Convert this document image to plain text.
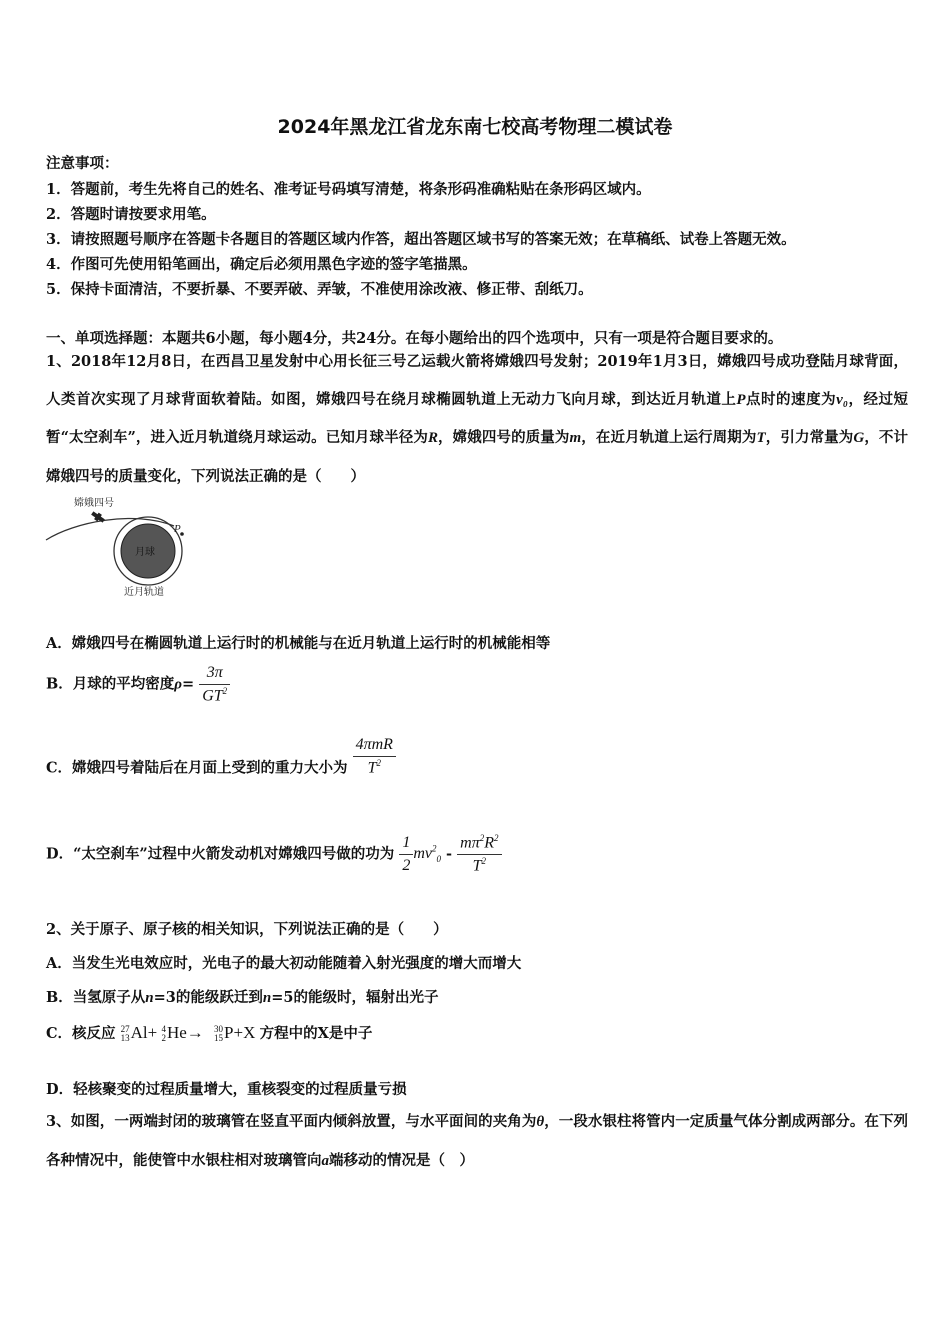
2024年黑龙江省龙东南七校高考物理二模试卷
注意事项：
1．答题前，考生先将自己的姓名、准考证号码填写清楚，将条形码准确粘贴在条形码区域内。
2．答题时请按要求用笔。
3．请按照题号顺序在答题卡各题目的答题区域内作答，超出答题区域书写的答案无效；在草稿纸、试卷上答题无效。
4．作图可先使用铅笔画出，确定后必须用黑色字迹的签字笔描黑。
5．保持卡面清洁，不要折暴、不要弄破、弄皱，不准使用涂改液、修正带、刮纸刀。
一、单项选择题：本题共6小题，每小题4分，共24分。在每小题给出的四个选项中，只有一项是符合题目要求的。
1、2018年12月8日，在西昌卫星发射中心用长征三号乙运载火箭将嫦娥四号发射；2019年1月3日，嫦娥四号成功登陆月球背面，人类首次实现了月球背面软着陆。如图，嫦娥四号在绕月球椭圆轨道上无动力飞向月球，到达近月轨道上P点时的速度为v₀，经过短暂“太空刹车”，进入近月轨道绕月球运动。已知月球半径为R，嫦娥四号的质量为m，在近月轨道上运行周期为T，引力常量为G，不计嫦娥四号的质量变化，下列说法正确的是（　　）
嫦娥四号
月球
P
近月轨道
A．嫦娥四号在椭圆轨道上运行时的机械能与在近月轨道上运行时的机械能相等
B．月球的平均密度$\rho= \frac{3\pi}{GT^2}$
C．嫦娥四号着陆后在月面上受到的重力大小为 $\frac{\text{4πmR}}{T^2}$
D．“太空刹车”过程中火箭发动机对嫦娥四号做的功为 $\frac{1}{2} mv^2_0 - \frac{m\pi^2R^2}{T^2}$
2、关于原子、原子核的相关知识，下列说法正确的是（　　）
A．当发生光电效应时，光电子的最大初动能随着入射光强度的增大而增大
B．当氢原子从n=3的能级跃迁到n=5的能级时，辐射出光子
C．核反应 27
13Al+ 4
2He→ 30
15P+X 方程中的X是中子
D．轻核聚变的过程质量增大，重核裂变的过程质量亏损
3、如图，一两端封闭的玻璃管在竖直平面内倾斜放置，与水平面间的夹角为θ，一段水银柱将管内一定质量气体分割成两部分。在下列各种情况中，能使管中水银柱相对玻璃管向a端移动的情况是（　）
